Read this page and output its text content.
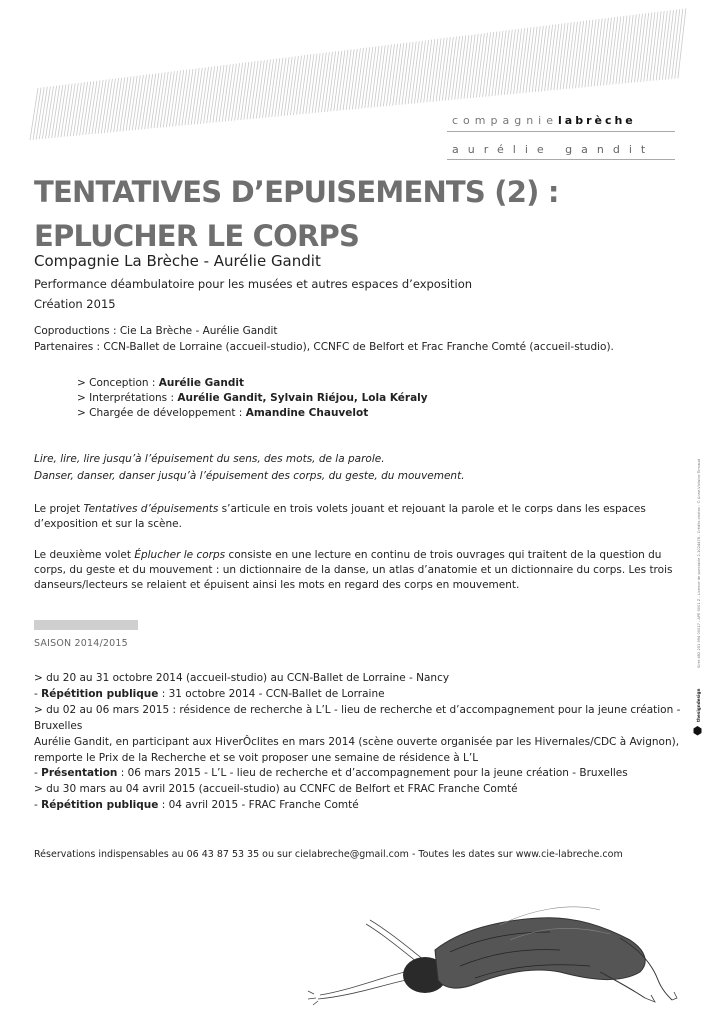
compagnielabrèche
aurélie gandit
TENTATIVES D’EPUISEMENTS (2) :
EPLUCHER LE CORPS
Compagnie La Brèche - Aurélie Gandit
Performance déambulatoire pour les musées et autres espaces d’exposition
Création 2015
Coproductions : Cie La Brèche - Aurélie Gandit
Partenaires : CCN-Ballet de Lorraine (accueil-studio), CCNFC de Belfort et Frac Franche Comté (accueil-studio).
> Conception : Aurélie Gandit
> Interprétations : Aurélie Gandit, Sylvain Riéjou, Lola Kéraly
> Chargée de développement : Amandine Chauvelot
Lire, lire, lire jusqu’à l’épuisement du sens, des mots, de la parole.
Danser, danser, danser jusqu’à l’épuisement des corps, du geste, du mouvement.

Le projet Tentatives d’épuisements s’articule en trois volets jouant et rejouant la parole et le corps dans les espaces d’exposition et sur la scène.

Le deuxième volet Éplucher le corps consiste en une lecture en continu de trois ouvrages qui traitent de la question du corps, du geste et du mouvement : un dictionnaire de la danse, un atlas d’anatomie et un dictionnaire du corps. Les trois danseurs/lecteurs se relaient et épuisent ainsi les mots en regard des corps en mouvement.

SAISON 2014/2015
> du 20 au 31 octobre 2014 (accueil-studio) au CCN-Ballet de Lorraine - Nancy
- Répétition publique : 31 octobre 2014 - CCN-Ballet de Lorraine
> du 02 au 06 mars 2015 : résidence de recherche à L’L - lieu de recherche et d’accompagnement pour la jeune création - Bruxelles
Aurélie Gandit, en participant aux HiverÔclites en mars 2014 (scène ouverte organisée par les Hivernales/CDC à Avignon), remporte le Prix de la Recherche et se voit proposer une semaine de résidence à L’L
- Présentation : 06 mars 2015 - L’L - lieu de recherche et d’accompagnement pour la jeune création - Bruxelles
> du 30 mars au 04 avril 2015 (accueil-studio) au CCNFC de Belfort et FRAC Franche Comté
- Répétition publique : 04 avril 2015 - FRAC Franche Comté
Siret 482 251 994 00017 - APE 9001 Z - Licence de spectacle 2-1024478 - Crédits photos : © Anne-Violaine Tornaud
thesigndesign
Réservations indispensables au 06 43 87 53 35 ou sur cielabreche@gmail.com - Toutes les dates sur www.cie-labreche.com
